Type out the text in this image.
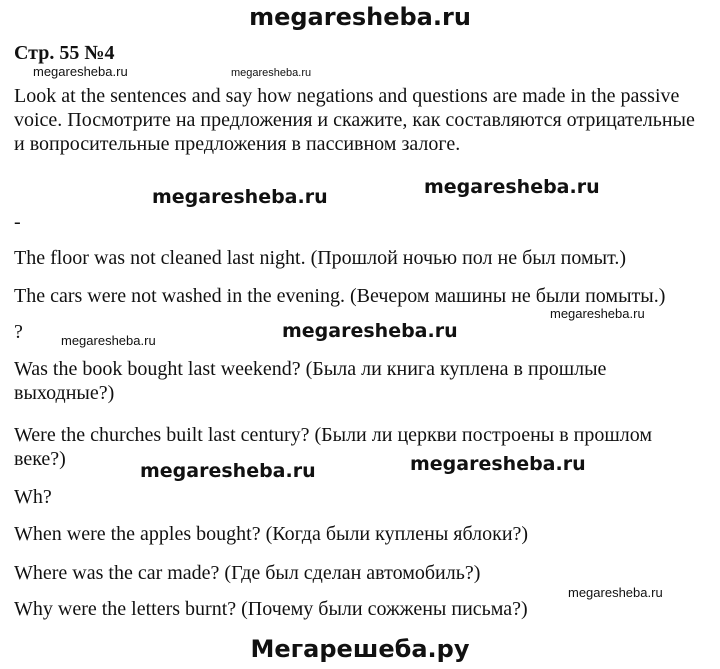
megaresheba.ru
Стр. 55 №4
megaresheba.ru	megaresheba.ru
Look at the sentences and say how negations and questions are made in the passive voice. Посмотрите на предложения и скажите, как составляются отрицательные и вопросительные предложения в пассивном залоге.
megaresheba.ru	megaresheba.ru
-
The floor was not cleaned last night. (Прошлой ночью пол не был помыт.)
The cars were not washed in the evening. (Вечером машины не были помыты.)
?	megaresheba.ru
megaresheba.ru
megaresheba.ru
Was the book bought last weekend? (Была ли книга куплена в прошлые выходные?)
Were the churches built last century? (Были ли церкви построены в прошлом веке?)
megaresheba.ru	megaresheba.ru
Wh?
When were the apples bought? (Когда были куплены яблоки?)
Where was the car made? (Где был сделан автомобиль?)
megaresheba.ru
Why were the letters burnt? (Почему были сожжены письма?)
Мегарешеба.ру
